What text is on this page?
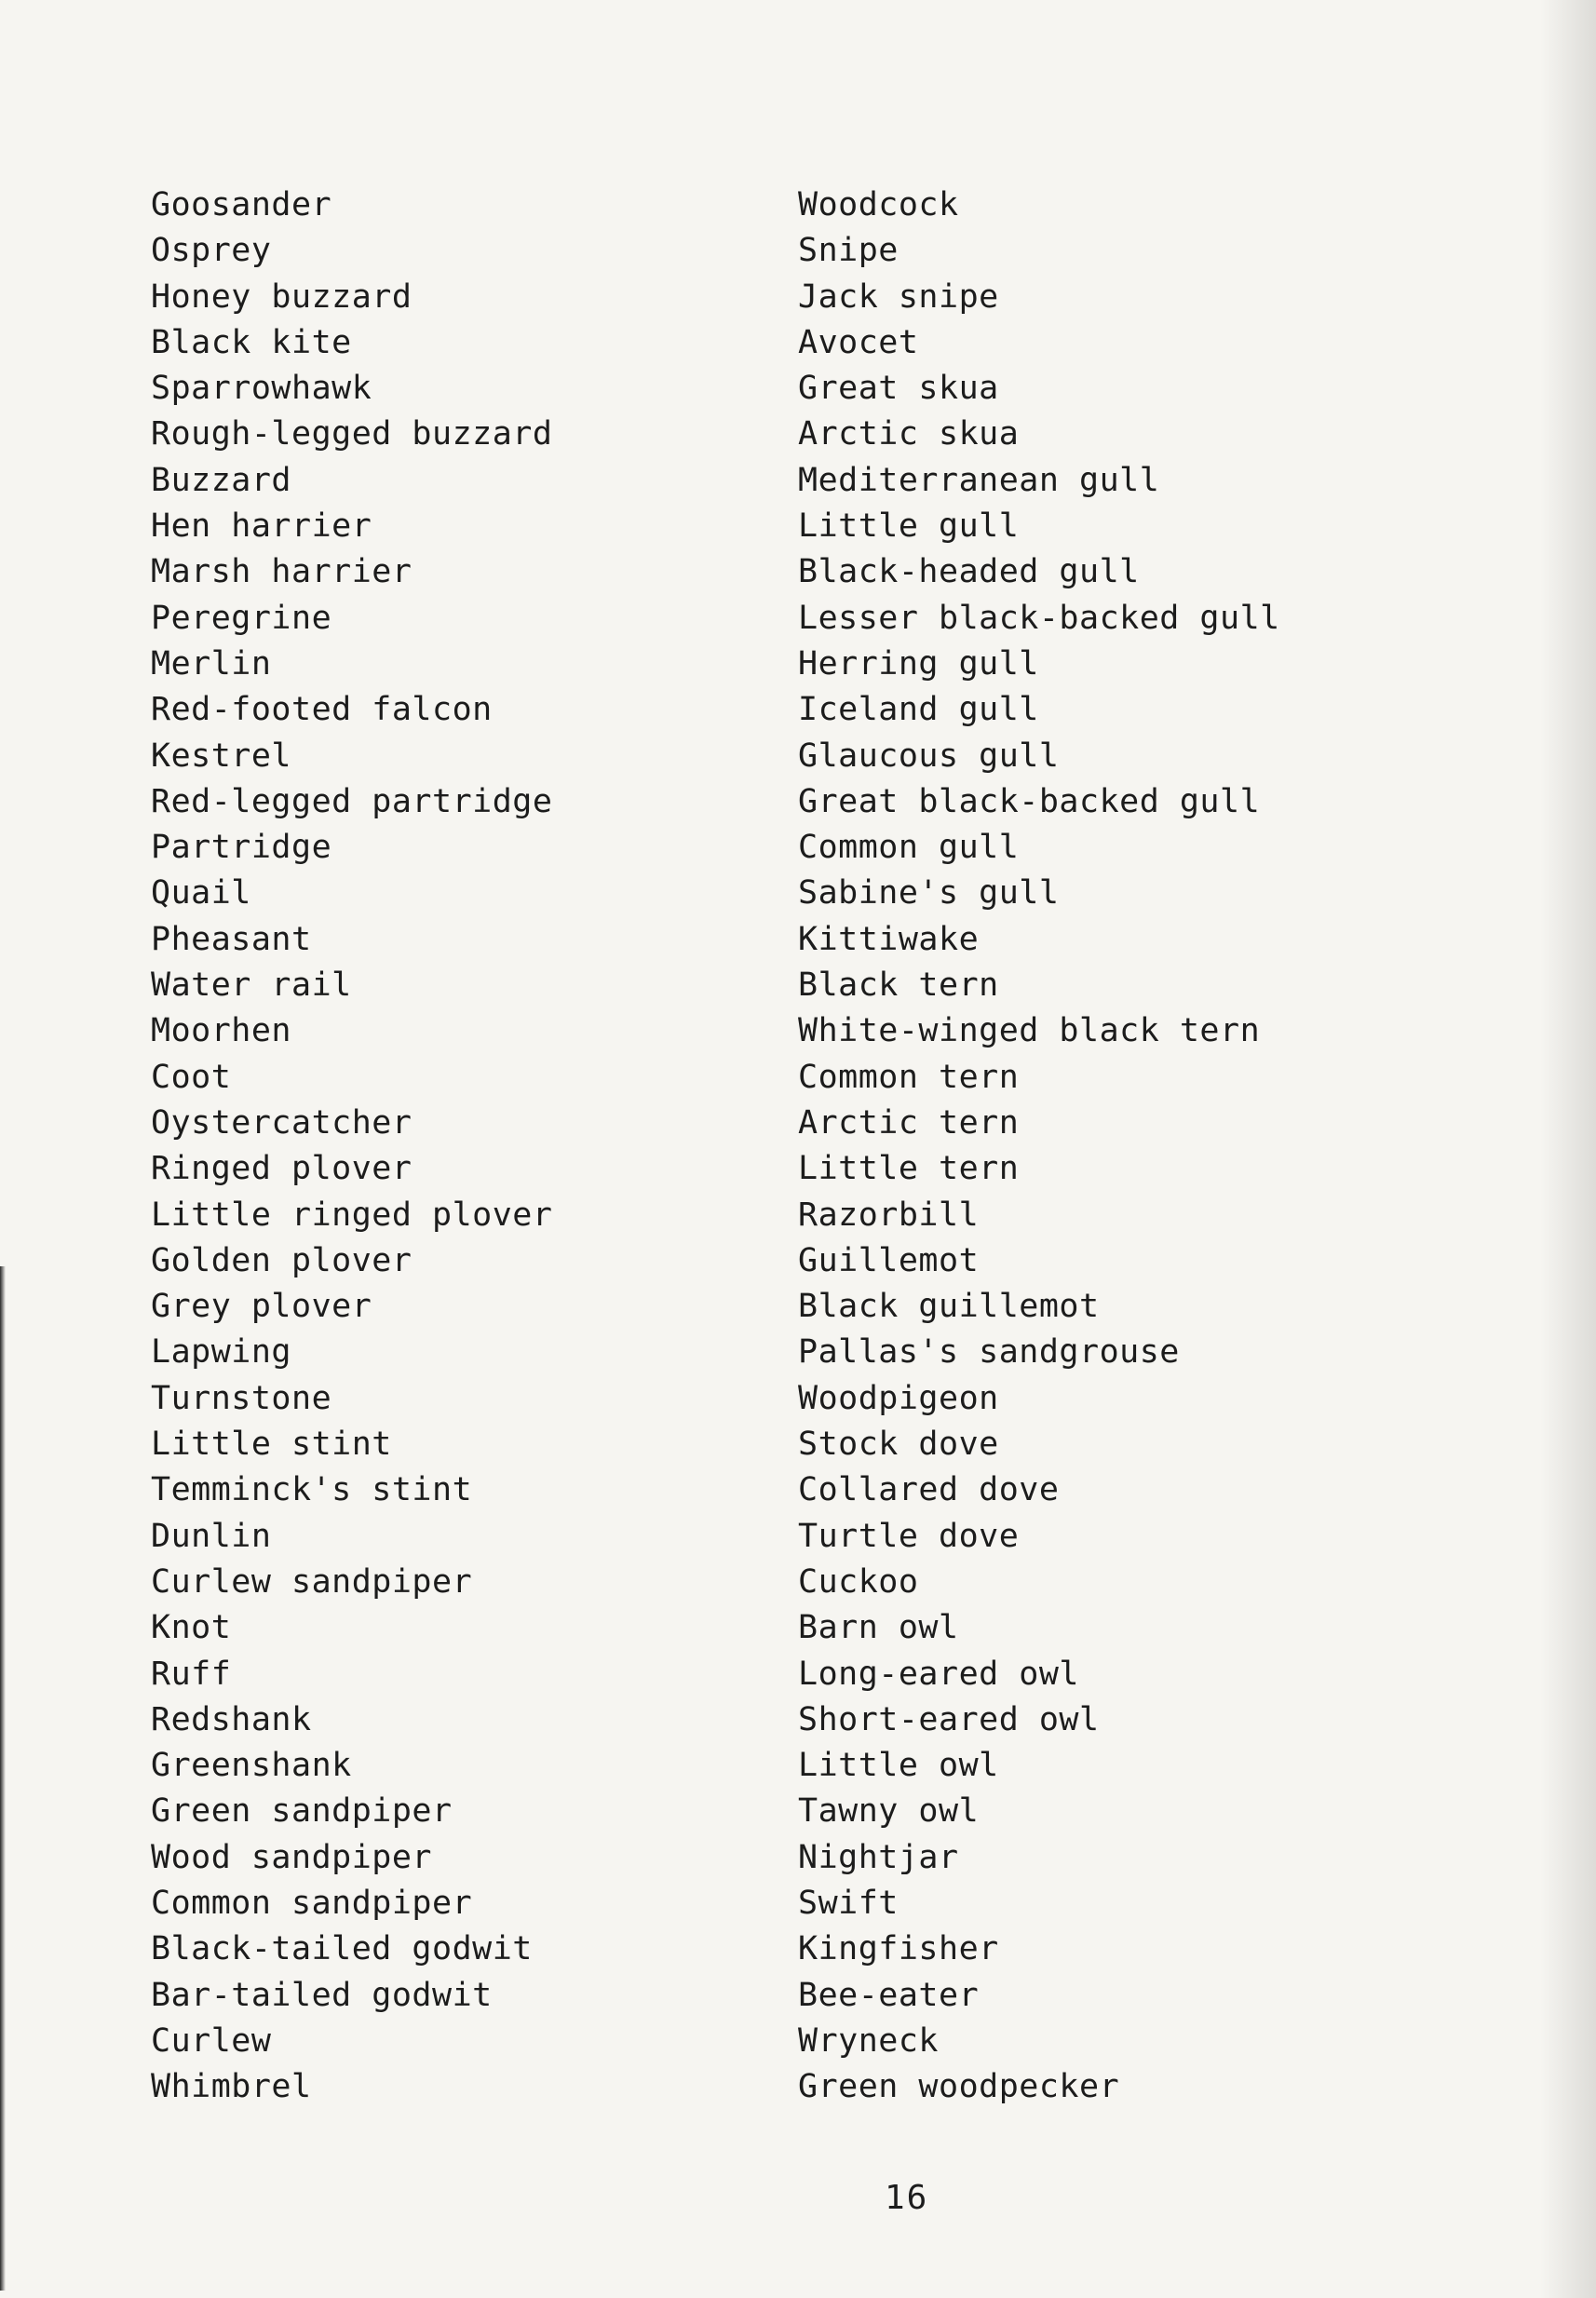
Goosander
Osprey
Honey buzzard
Black kite
Sparrowhawk
Rough-legged buzzard
Buzzard
Hen harrier
Marsh harrier
Peregrine
Merlin
Red-footed falcon
Kestrel
Red-legged partridge
Partridge
Quail
Pheasant
Water rail
Moorhen
Coot
Oystercatcher
Ringed plover
Little ringed plover
Golden plover
Grey plover
Lapwing
Turnstone
Little stint
Temminck's stint
Dunlin
Curlew sandpiper
Knot
Ruff
Redshank
Greenshank
Green sandpiper
Wood sandpiper
Common sandpiper
Black-tailed godwit
Bar-tailed godwit
Curlew
Whimbrel
Woodcock
Snipe
Jack snipe
Avocet
Great skua
Arctic skua
Mediterranean gull
Little gull
Black-headed gull
Lesser black-backed gull
Herring gull
Iceland gull
Glaucous gull
Great black-backed gull
Common gull
Sabine's gull
Kittiwake
Black tern
White-winged black tern
Common tern
Arctic tern
Little tern
Razorbill
Guillemot
Black guillemot
Pallas's sandgrouse
Woodpigeon
Stock dove
Collared dove
Turtle dove
Cuckoo
Barn owl
Long-eared owl
Short-eared owl
Little owl
Tawny owl
Nightjar
Swift
Kingfisher
Bee-eater
Wryneck
Green woodpecker
16
